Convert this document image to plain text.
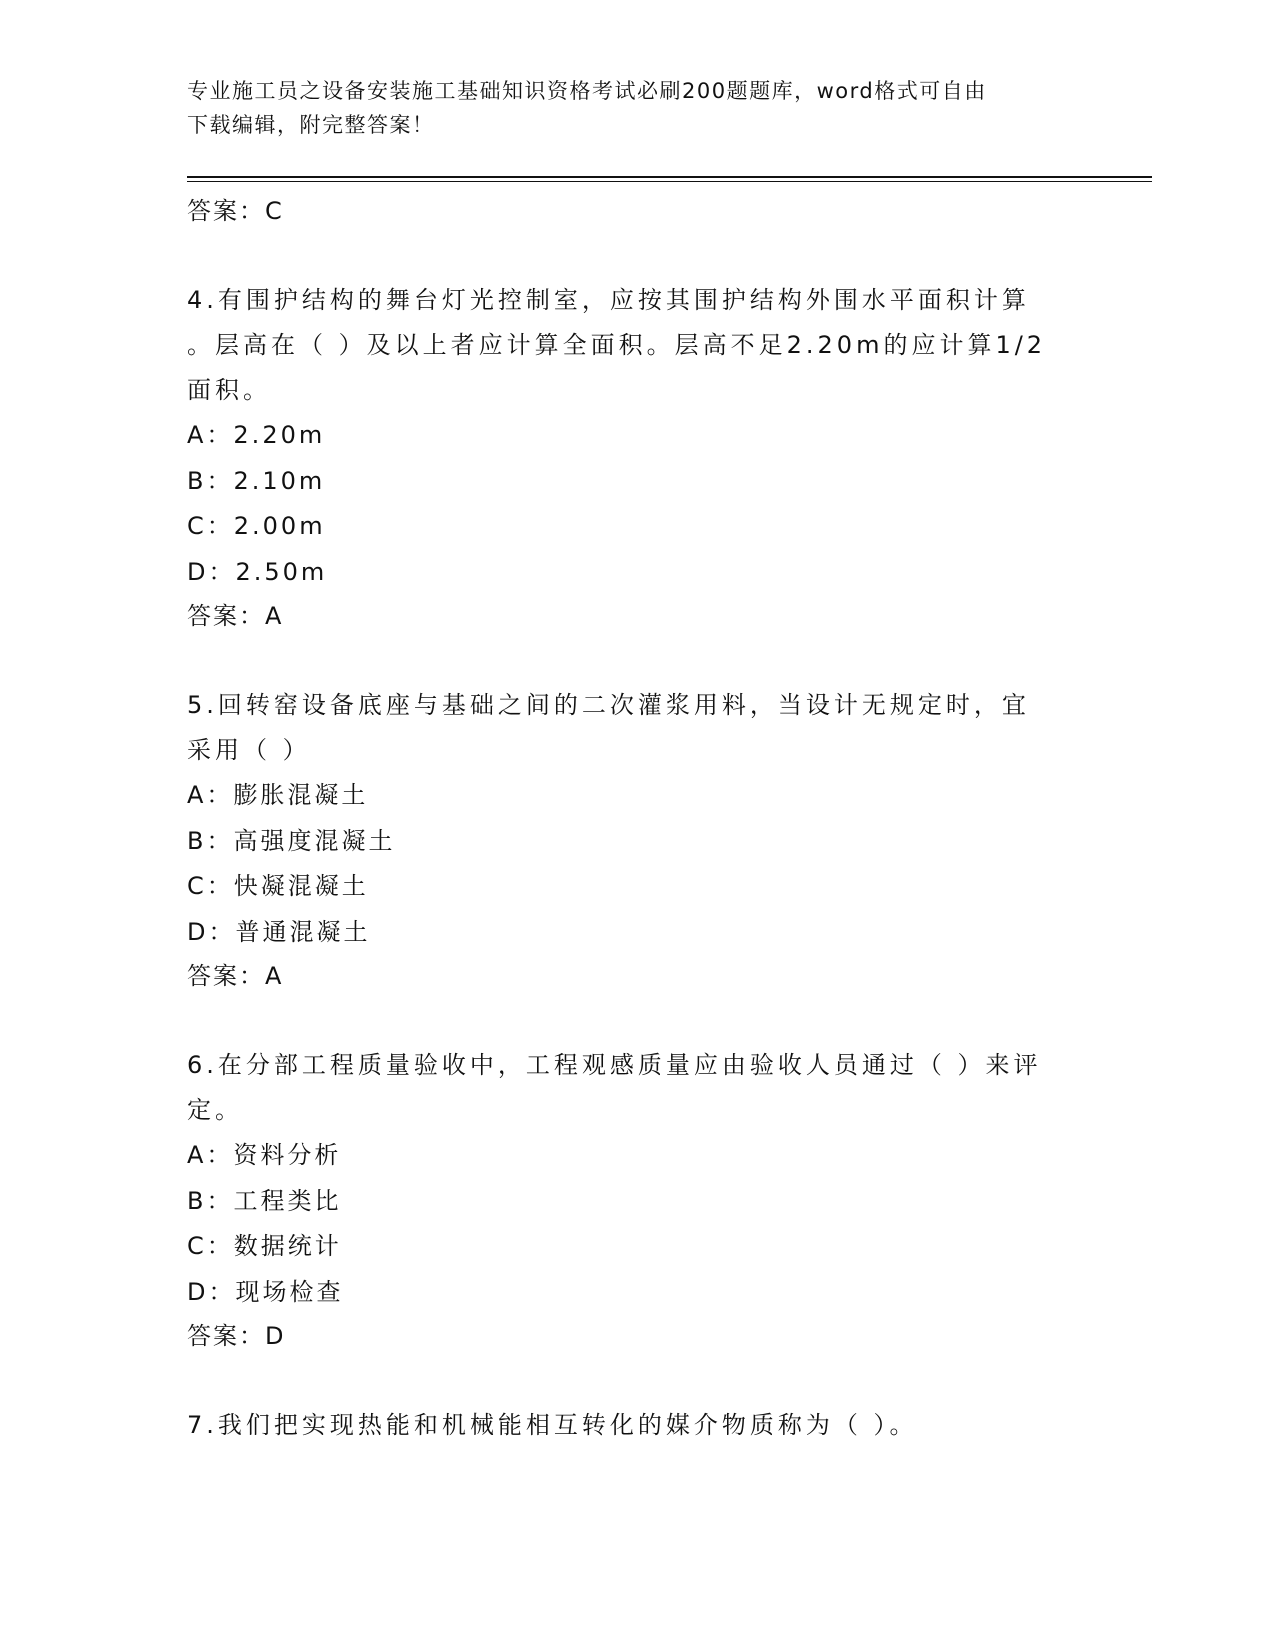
专业施工员之设备安装施工基础知识资格考试必刷200题题库，word格式可自由
下载编辑，附完整答案！

答案：C

4.有围护结构的舞台灯光控制室，应按其围护结构外围水平面积计算

。层高在（ ）及以上者应计算全面积。层高不足2.20m的应计算1/2

面积。

A：2.20m

B：2.10m

C：2.00m

D：2.50m

答案：A

5.回转窑设备底座与基础之间的二次灌浆用料，当设计无规定时，宜

采用（ ）

A：膨胀混凝土

B：高强度混凝土

C：快凝混凝土

D：普通混凝土

答案：A

6.在分部工程质量验收中，工程观感质量应由验收人员通过（ ）来评

定。

A：资料分析

B：工程类比

C：数据统计

D：现场检查

答案：D

7.我们把实现热能和机械能相互转化的媒介物质称为（ ）。
